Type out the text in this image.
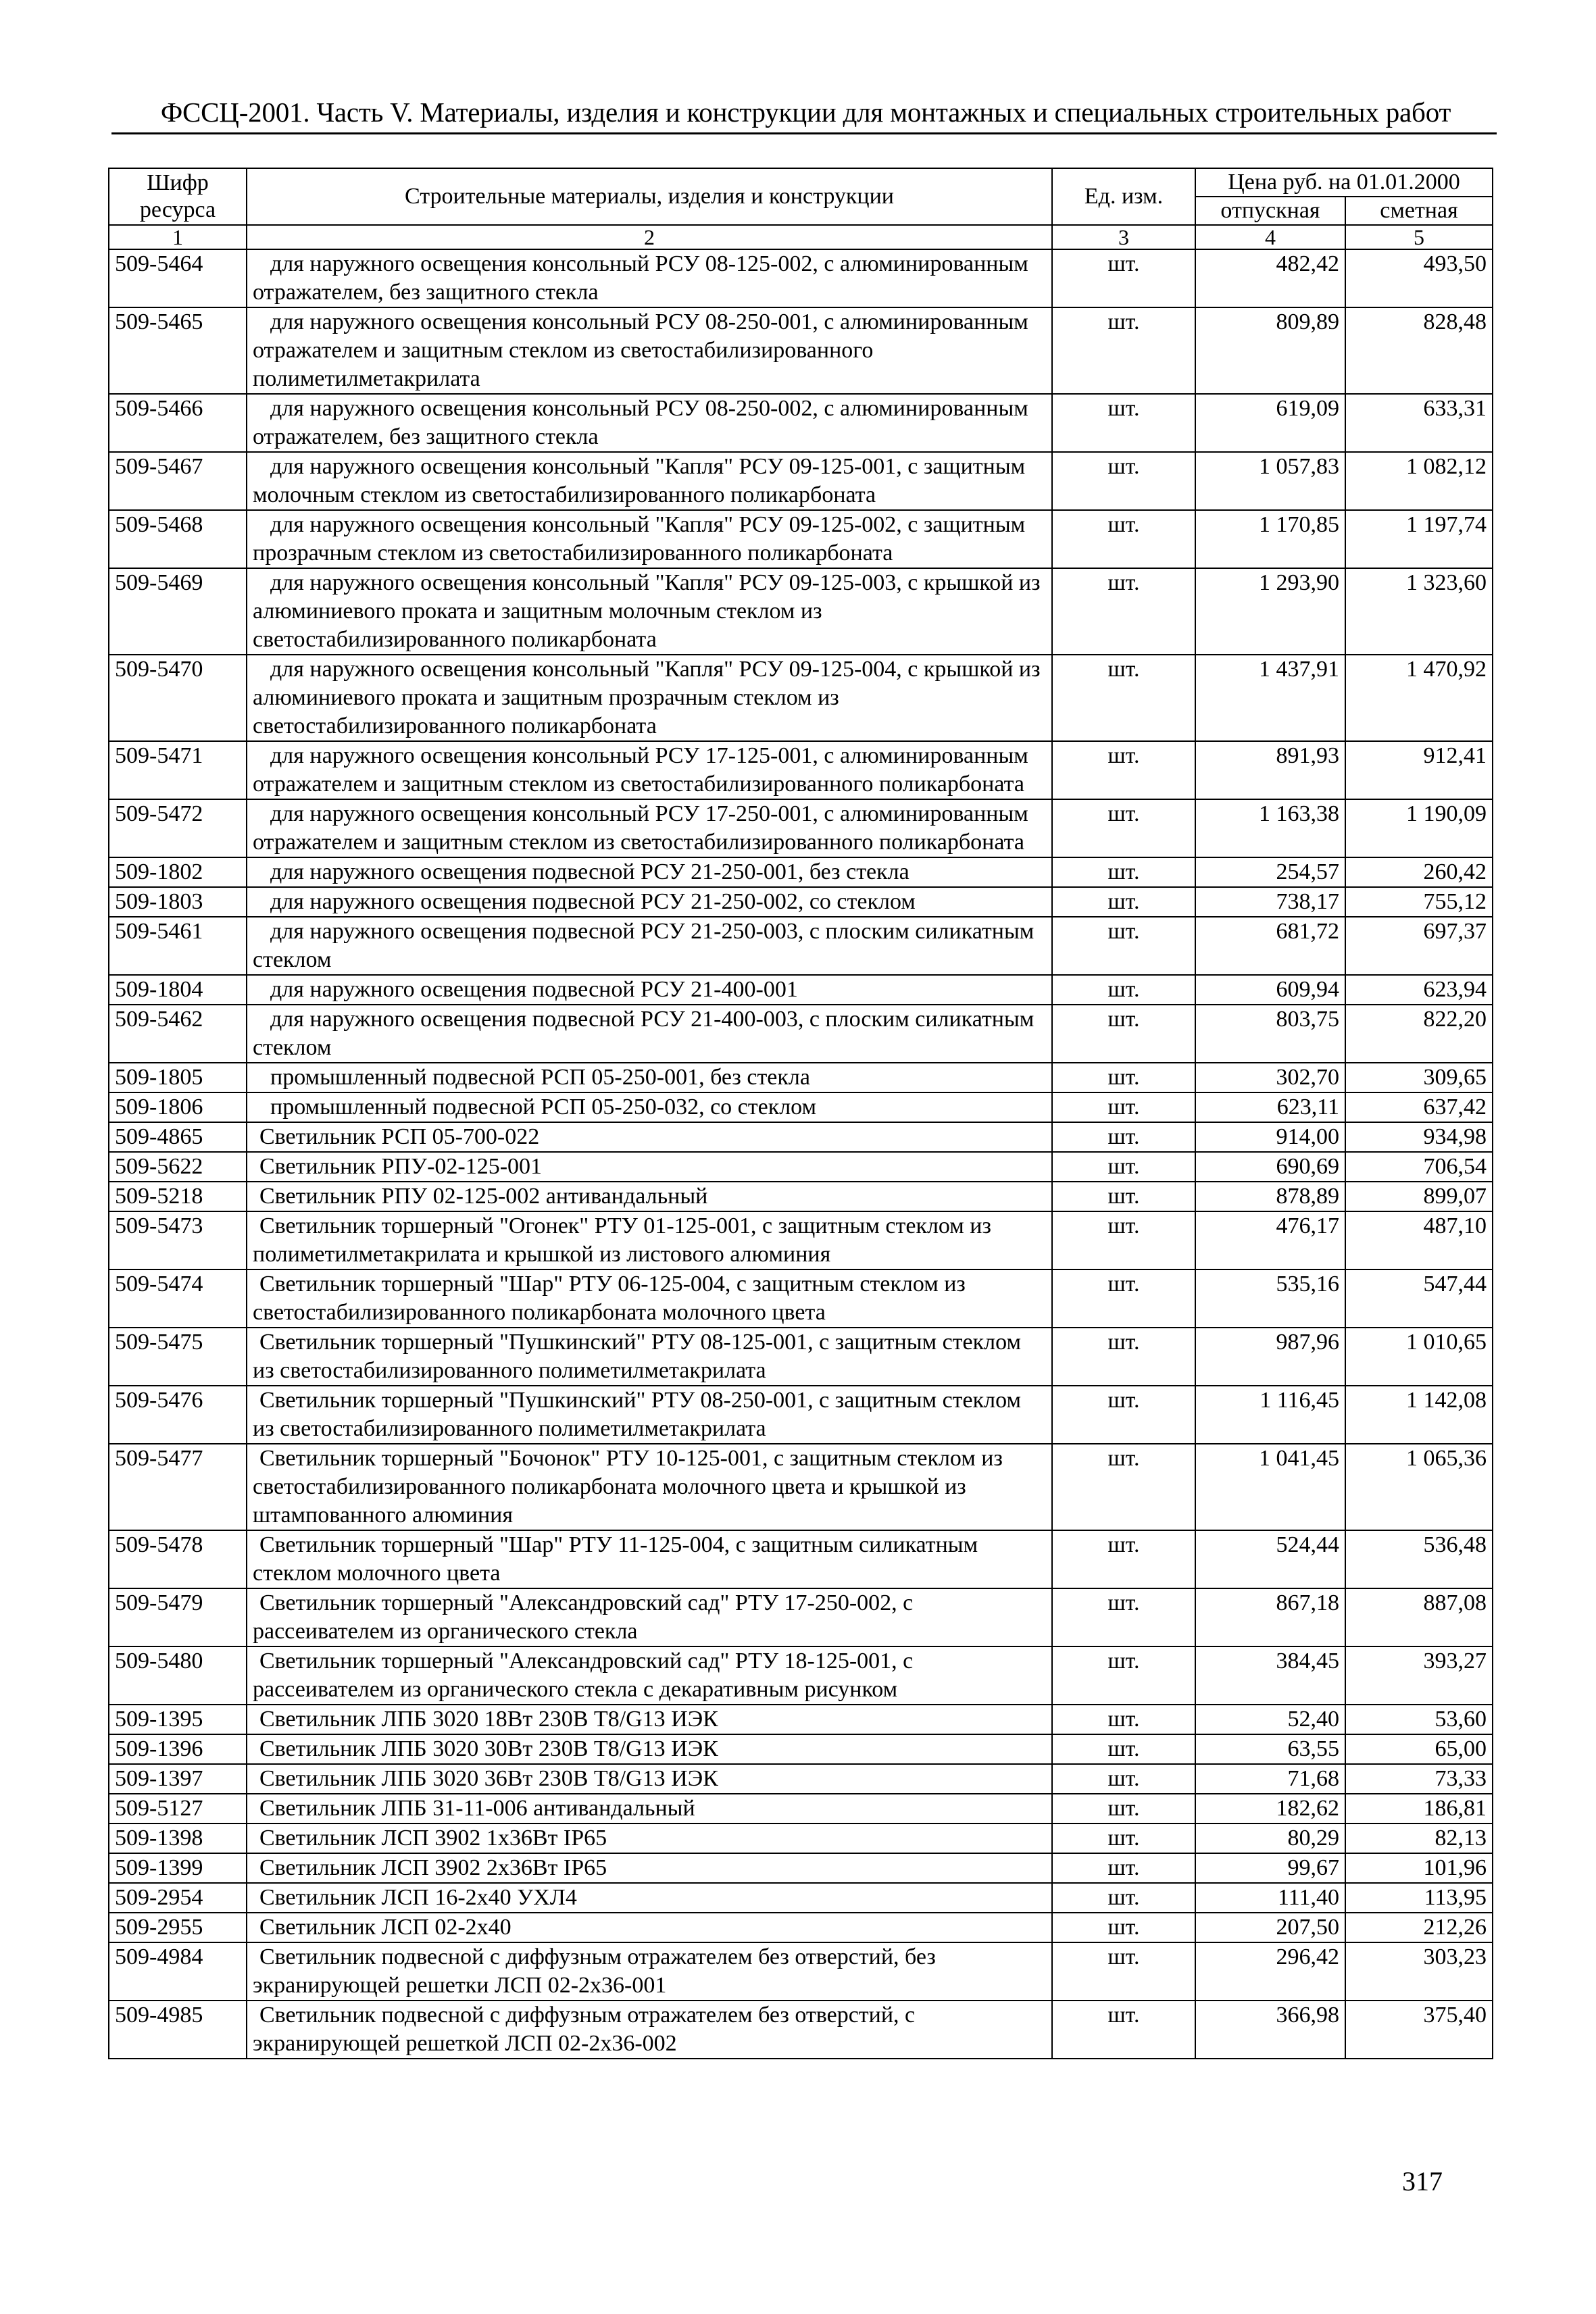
ФССЦ-2001. Часть V. Материалы, изделия и конструкции для монтажных и специальных строительных работ
Шифр ресурса	Строительные материалы, изделия и конструкции	Ед. изм.	Цена руб. на 01.01.2000	
			отпускная	сметная
1	2	3	4	5
509-5464	для наружного освещения консольный РСУ 08-125-002, с алюминированным отражателем, без защитного стекла	шт.	482,42	493,50
509-5465	для наружного освещения консольный РСУ 08-250-001, с алюминированным отражателем и защитным стеклом из светостабилизированного полиметилметакрилата	шт.	809,89	828,48
509-5466	для наружного освещения консольный РСУ 08-250-002, с алюминированным отражателем, без защитного стекла	шт.	619,09	633,31
509-5467	для наружного освещения консольный "Капля" РСУ 09-125-001, с защитным молочным стеклом из светостабилизированного поликарбоната	шт.	1 057,83	1 082,12
509-5468	для наружного освещения консольный "Капля" РСУ 09-125-002, с защитным прозрачным стеклом из светостабилизированного поликарбоната	шт.	1 170,85	1 197,74
509-5469	для наружного освещения консольный "Капля" РСУ 09-125-003, с крышкой из алюминиевого проката и защитным молочным стеклом из светостабилизированного поликарбоната	шт.	1 293,90	1 323,60
509-5470	для наружного освещения консольный "Капля" РСУ 09-125-004, с крышкой из алюминиевого проката и защитным прозрачным стеклом из светостабилизированного поликарбоната	шт.	1 437,91	1 470,92
509-5471	для наружного освещения консольный РСУ 17-125-001, с алюминированным отражателем и защитным стеклом из светостабилизированного поликарбоната	шт.	891,93	912,41
509-5472	для наружного освещения консольный РСУ 17-250-001, с алюминированным отражателем и защитным стеклом из светостабилизированного поликарбоната	шт.	1 163,38	1 190,09
509-1802	для наружного освещения подвесной РСУ 21-250-001, без стекла	шт.	254,57	260,42
509-1803	для наружного освещения подвесной РСУ 21-250-002, со стеклом	шт.	738,17	755,12
509-5461	для наружного освещения подвесной РСУ 21-250-003, с плоским силикатным стеклом	шт.	681,72	697,37
509-1804	для наружного освещения подвесной РСУ 21-400-001	шт.	609,94	623,94
509-5462	для наружного освещения подвесной РСУ 21-400-003, с плоским силикатным стеклом	шт.	803,75	822,20
509-1805	промышленный подвесной РСП 05-250-001, без стекла	шт.	302,70	309,65
509-1806	промышленный подвесной РСП 05-250-032, со стеклом	шт.	623,11	637,42
509-4865	Светильник РСП 05-700-022	шт.	914,00	934,98
509-5622	Светильник РПУ-02-125-001	шт.	690,69	706,54
509-5218	Светильник РПУ 02-125-002 антивандальный	шт.	878,89	899,07
509-5473	Светильник торшерный "Огонек" РТУ 01-125-001, с защитным стеклом из полиметилметакрилата и крышкой из листового алюминия	шт.	476,17	487,10
509-5474	Светильник торшерный "Шар" РТУ 06-125-004, с защитным стеклом из светостабилизированного поликарбоната молочного цвета	шт.	535,16	547,44
509-5475	Светильник торшерный "Пушкинский" РТУ 08-125-001, с защитным стеклом из светостабилизированного полиметилметакрилата	шт.	987,96	1 010,65
509-5476	Светильник торшерный "Пушкинский" РТУ 08-250-001, с защитным стеклом из светостабилизированного полиметилметакрилата	шт.	1 116,45	1 142,08
509-5477	Светильник торшерный "Бочонок" РТУ 10-125-001, с защитным стеклом из светостабилизированного поликарбоната молочного цвета и крышкой из штампованного алюминия	шт.	1 041,45	1 065,36
509-5478	Светильник торшерный "Шар" РТУ 11-125-004, с защитным силикатным стеклом молочного цвета	шт.	524,44	536,48
509-5479	Светильник торшерный "Александровский сад" РТУ 17-250-002, с рассеивателем из органического стекла	шт.	867,18	887,08
509-5480	Светильник торшерный "Александровский сад" РТУ 18-125-001, с рассеивателем из органического стекла с декаративным рисунком	шт.	384,45	393,27
509-1395	Светильник ЛПБ 3020 18Вт 230В Т8/G13 ИЭК	шт.	52,40	53,60
509-1396	Светильник ЛПБ 3020 30Вт 230В Т8/G13 ИЭК	шт.	63,55	65,00
509-1397	Светильник ЛПБ 3020 36Вт 230В Т8/G13 ИЭК	шт.	71,68	73,33
509-5127	Светильник ЛПБ 31-11-006 антивандальный	шт.	182,62	186,81
509-1398	Светильник ЛСП 3902 1х36Вт IP65	шт.	80,29	82,13
509-1399	Светильник ЛСП 3902 2х36Вт IP65	шт.	99,67	101,96
509-2954	Светильник ЛСП 16-2х40 УХЛ4	шт.	111,40	113,95
509-2955	Светильник ЛСП 02-2х40	шт.	207,50	212,26
509-4984	Светильник подвесной с диффузным отражателем без отверстий, без экранирующей решетки ЛСП 02-2х36-001	шт.	296,42	303,23
509-4985	Светильник подвесной с диффузным отражателем без отверстий, с экранирующей решеткой ЛСП 02-2х36-002	шт.	366,98	375,40
317
